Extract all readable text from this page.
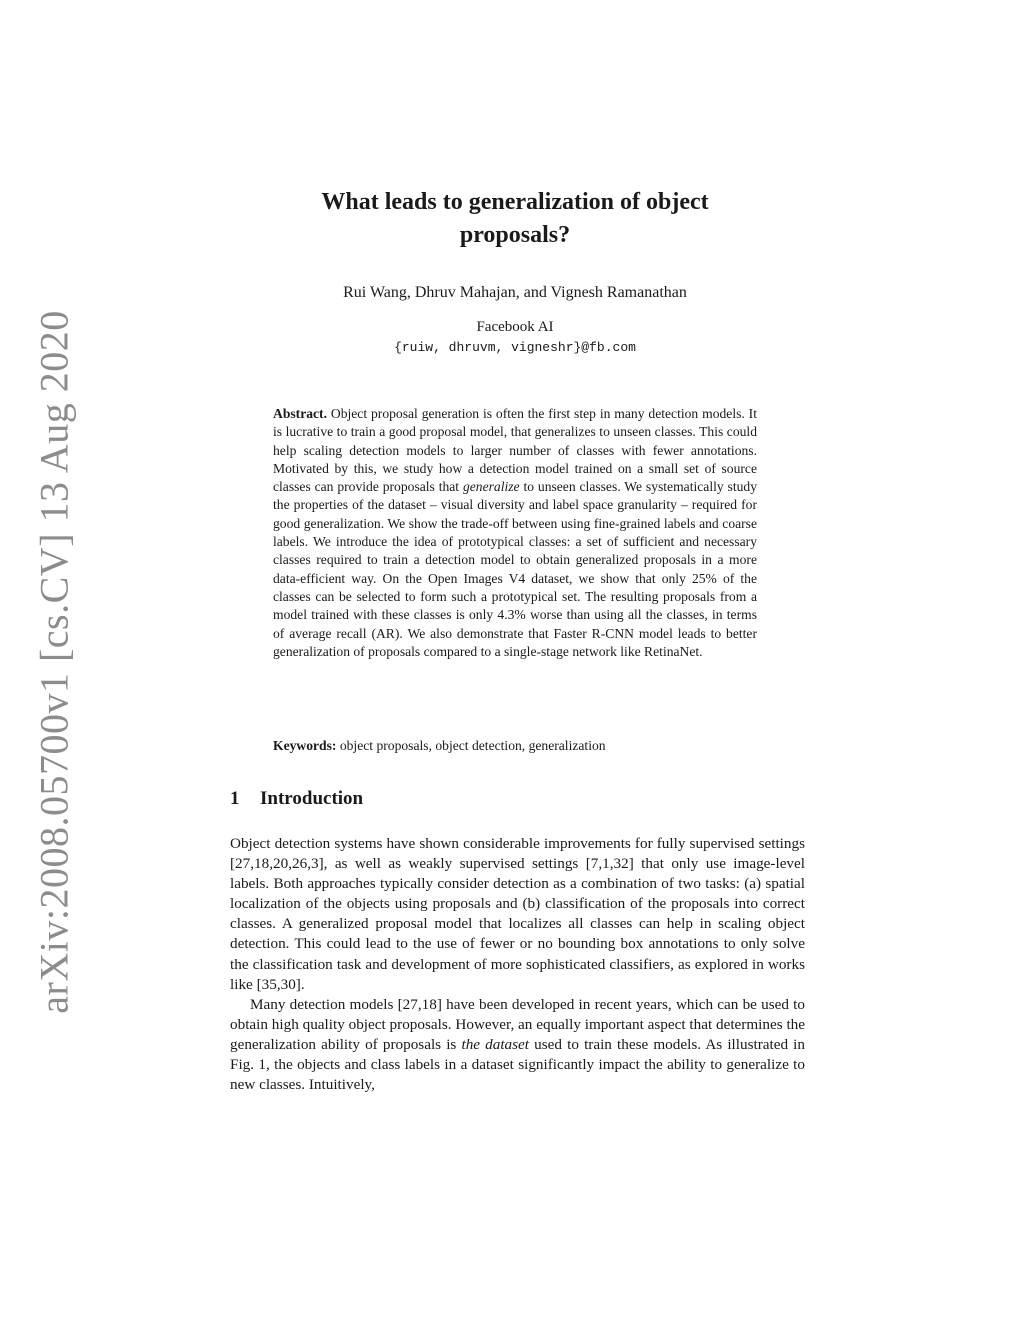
arXiv:2008.05700v1 [cs.CV] 13 Aug 2020
What leads to generalization of object
proposals?
Rui Wang, Dhruv Mahajan, and Vignesh Ramanathan
Facebook AI
{ruiw, dhruvm, vigneshr}@fb.com

Abstract. Object proposal generation is often the first step in many detection models. It is lucrative to train a good proposal model, that generalizes to unseen classes. This could help scaling detection models to larger number of classes with fewer annotations. Motivated by this, we study how a detection model trained on a small set of source classes can provide proposals that generalize to unseen classes. We systematically study the properties of the dataset – visual diversity and label space granularity – required for good generalization. We show the trade-off between using fine-grained labels and coarse labels. We introduce the idea of prototypical classes: a set of sufficient and necessary classes required to train a detection model to obtain generalized proposals in a more data-efficient way. On the Open Images V4 dataset, we show that only 25% of the classes can be selected to form such a prototypical set. The resulting proposals from a model trained with these classes is only 4.3% worse than using all the classes, in terms of average recall (AR). We also demonstrate that Faster R-CNN model leads to better generalization of proposals compared to a single-stage network like RetinaNet.

Keywords: object proposals, object detection, generalization

1 Introduction

Object detection systems have shown considerable improvements for fully supervised settings [27,18,20,26,3], as well as weakly supervised settings [7,1,32] that only use image-level labels. Both approaches typically consider detection as a combination of two tasks: (a) spatial localization of the objects using proposals and (b) classification of the proposals into correct classes. A generalized proposal model that localizes all classes can help in scaling object detection. This could lead to the use of fewer or no bounding box annotations to only solve the classification task and development of more sophisticated classifiers, as explored in works like [35,30].

Many detection models [27,18] have been developed in recent years, which can be used to obtain high quality object proposals. However, an equally important aspect that determines the generalization ability of proposals is the dataset used to train these models. As illustrated in Fig. 1, the objects and class labels in a dataset significantly impact the ability to generalize to new classes. Intuitively,
